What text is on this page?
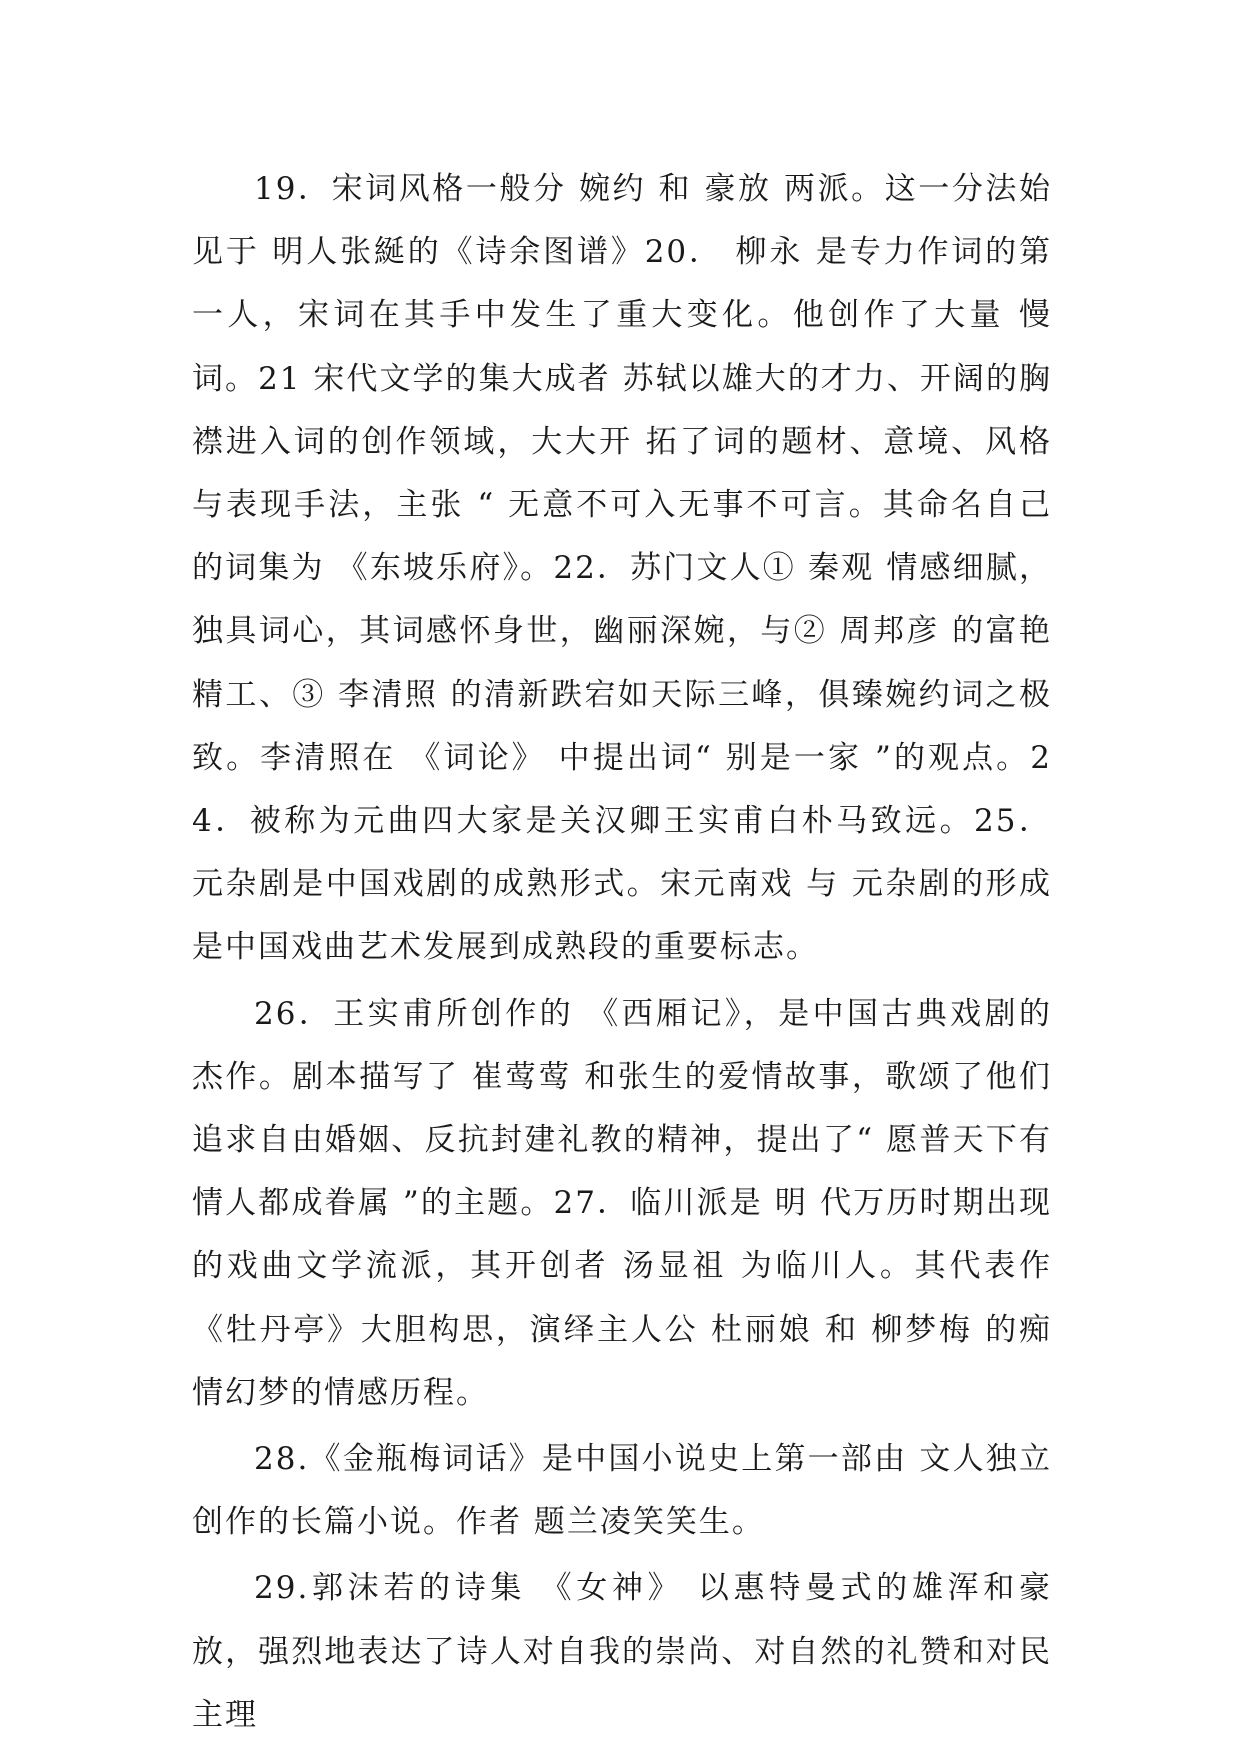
19．宋词风格一般分 婉约 和 豪放 两派。这一分法始见于 明人张綖的《诗余图谱》20． 柳永 是专力作词的第一人，宋词在其手中发生了重大变化。他创作了大量 慢词。21 宋代文学的集大成者 苏轼以雄大的才力、开阔的胸襟进入词的创作领域，大大开 拓了词的题材、意境、风格与表现手法，主张 “ 无意不可入无事不可言。其命名自己的词集为 《东坡乐府》。22．苏门文人① 秦观 情感细腻，独具词心，其词感怀身世，幽丽深婉，与② 周邦彦 的富艳精工、③ 李清照 的清新跌宕如天际三峰，俱臻婉约词之极致。李清照在 《词论》 中提出词“ 别是一家 ”的观点。24．被称为元曲四大家是关汉卿王实甫白朴马致远。25． 元杂剧是中国戏剧的成熟形式。宋元南戏 与 元杂剧的形成是中国戏曲艺术发展到成熟段的重要标志。

26．王实甫所创作的 《西厢记》，是中国古典戏剧的杰作。剧本描写了 崔莺莺 和张生的爱情故事，歌颂了他们追求自由婚姻、反抗封建礼教的精神，提出了“ 愿普天下有情人都成眷属 ”的主题。27．临川派是 明 代万历时期出现的戏曲文学流派，其开创者 汤显祖 为临川人。其代表作《牡丹亭》大胆构思，演绎主人公 杜丽娘 和 柳梦梅 的痴情幻梦的情感历程。

28.《金瓶梅词话》是中国小说史上第一部由 文人独立创作的长篇小说。作者 题兰凌笑笑生。

29.郭沫若的诗集 《女神》 以惠特曼式的雄浑和豪放，强烈地表达了诗人对自我的崇尚、对自然的礼赞和对民主理
